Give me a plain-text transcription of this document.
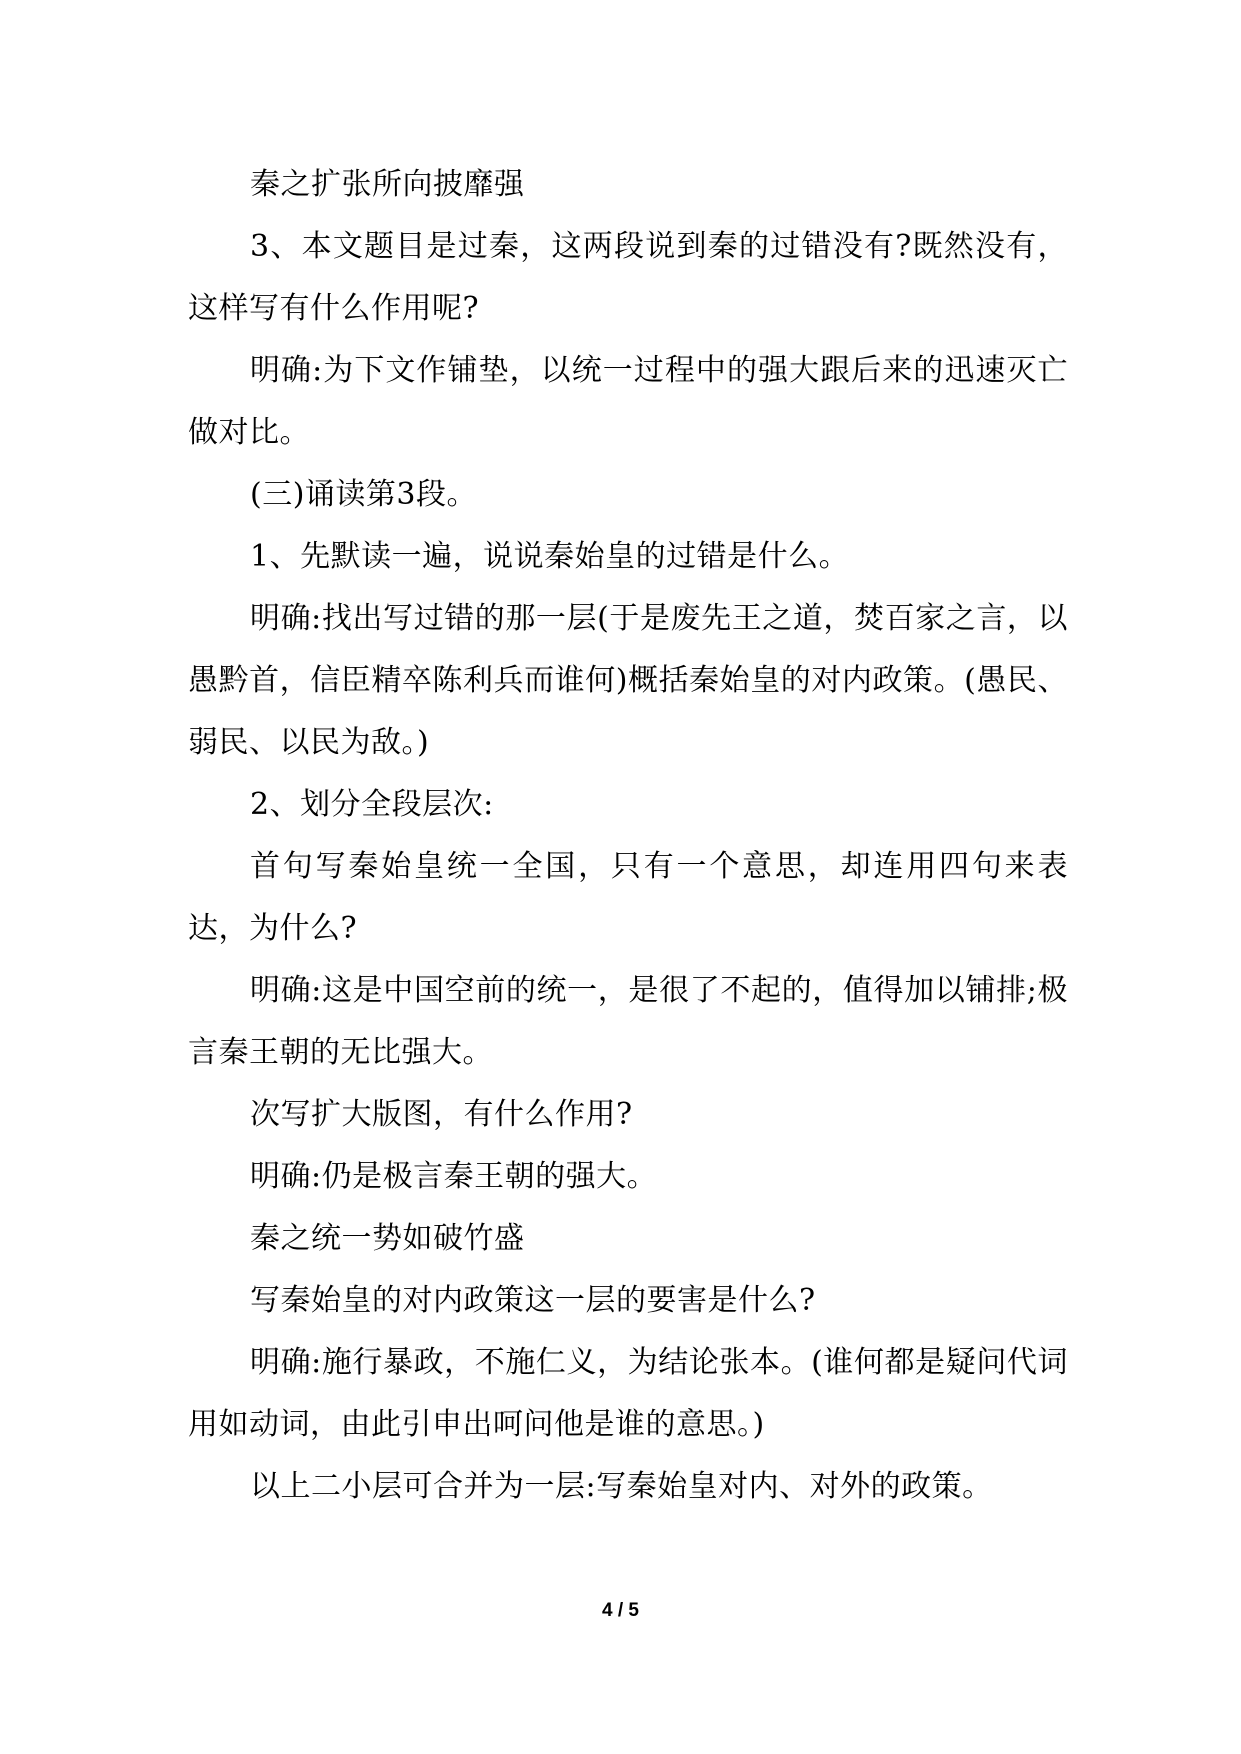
秦之扩张所向披靡强

3、本文题目是过秦，这两段说到秦的过错没有?既然没有，这样写有什么作用呢?

明确:为下文作铺垫，以统一过程中的强大跟后来的迅速灭亡做对比。

(三)诵读第3段。

1、先默读一遍，说说秦始皇的过错是什么。

明确:找出写过错的那一层(于是废先王之道，焚百家之言，以愚黔首，信臣精卒陈利兵而谁何)概括秦始皇的对内政策。(愚民、弱民、以民为敌。)

2、划分全段层次:

首句写秦始皇统一全国，只有一个意思，却连用四句来表达，为什么?

明确:这是中国空前的统一，是很了不起的，值得加以铺排;极言秦王朝的无比强大。

次写扩大版图，有什么作用?

明确:仍是极言秦王朝的强大。

秦之统一势如破竹盛

写秦始皇的对内政策这一层的要害是什么?

明确:施行暴政，不施仁义，为结论张本。(谁何都是疑问代词用如动词，由此引申出呵问他是谁的意思。)

以上二小层可合并为一层:写秦始皇对内、对外的政策。

4 / 5
